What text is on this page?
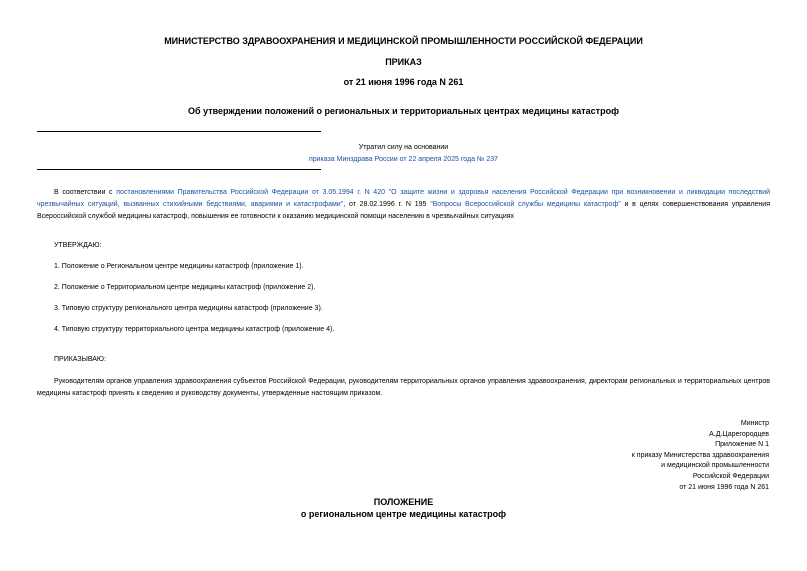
МИНИСТЕРСТВО ЗДРАВООХРАНЕНИЯ И МЕДИЦИНСКОЙ ПРОМЫШЛЕННОСТИ РОССИЙСКОЙ ФЕДЕРАЦИИ
ПРИКАЗ
от 21 июня 1996 года N 261
Об утверждении положений о региональных и территориальных центрах медицины катастроф
Утратил силу на основании
приказа Минздрава России от 22 апреля 2025 года № 237
В соответствии с постановлениями Правительства Российской Федерации от 3.05.1994 г. N 420 "О защите жизни и здоровья населения Российской Федерации при возникновении и ликвидации последствий чрезвычайных ситуаций, вызванных стихийными бедствиями, авариями и катастрофами", от 28.02.1996 г. N 195 "Вопросы Всероссийской службы медицины катастроф" и в целях совершенствования управления Всероссийской службой медицины катастроф, повышения ее готовности к оказанию медицинской помощи населению в чрезвычайных ситуациях
УТВЕРЖДАЮ:
1. Положение о Региональном центре медицины катастроф (приложение 1).
2. Положение о Территориальном центре медицины катастроф (приложение 2).
3. Типовую структуру регионального центра медицины катастроф (приложение 3).
4. Типовую структуру территориального центра медицины катастроф (приложение 4).
ПРИКАЗЫВАЮ:
Руководителям органов управления здравоохранения субъектов Российской Федерации, руководителям территориальных органов управления здравоохранения, директорам региональных и территориальных центров медицины катастроф принять к сведению и руководству документы, утвержденные настоящим приказом.
Министр
А.Д.Царегородцев
Приложение N 1
к приказу Министерства здравоохранения
и медицинской промышленности
Российской Федерации
от 21 июня 1996 года N 261
ПОЛОЖЕНИЕ
о региональном центре медицины катастроф
